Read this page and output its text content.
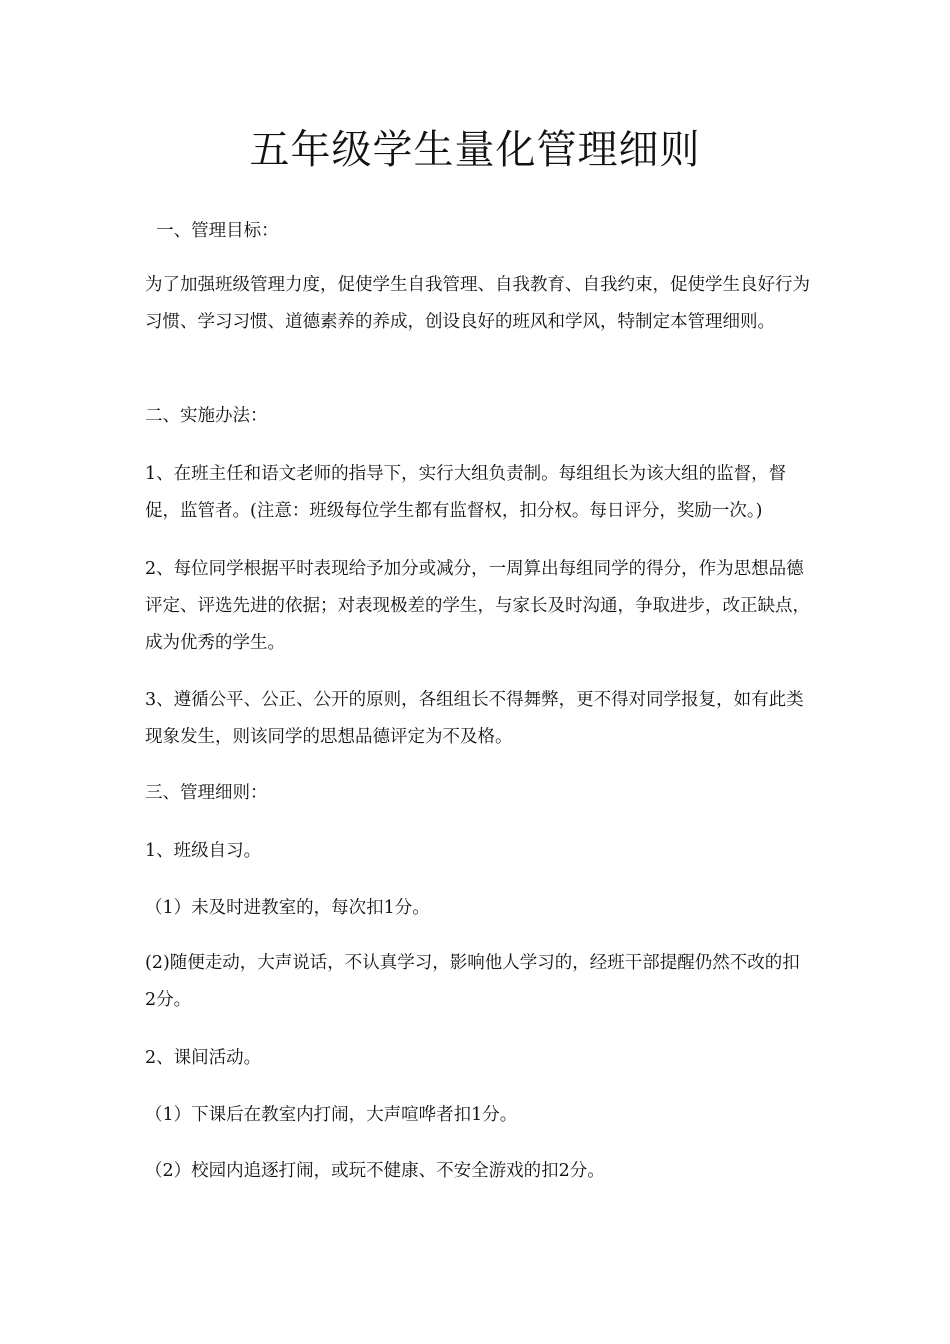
五年级学生量化管理细则
一、管理目标：
为了加强班级管理力度，促使学生自我管理、自我教育、自我约束，促使学生良好行为习惯、学习习惯、道德素养的养成，创设良好的班风和学风，特制定本管理细则。
二、实施办法：
1、在班主任和语文老师的指导下，实行大组负责制。每组组长为该大组的监督，督促，监管者。(注意：班级每位学生都有监督权，扣分权。每日评分，奖励一次。)
2、每位同学根据平时表现给予加分或减分，一周算出每组同学的得分，作为思想品德评定、评选先进的依据；对表现极差的学生，与家长及时沟通，争取进步，改正缺点，成为优秀的学生。
3、遵循公平、公正、公开的原则，各组组长不得舞弊，更不得对同学报复，如有此类现象发生，则该同学的思想品德评定为不及格。
三、管理细则：
1、班级自习。
（1）未及时进教室的，每次扣1分。
(2)随便走动，大声说话，不认真学习，影响他人学习的，经班干部提醒仍然不改的扣2分。
2、课间活动。
（1）下课后在教室内打闹，大声喧哗者扣1分。
（2）校园内追逐打闹，或玩不健康、不安全游戏的扣2分。
